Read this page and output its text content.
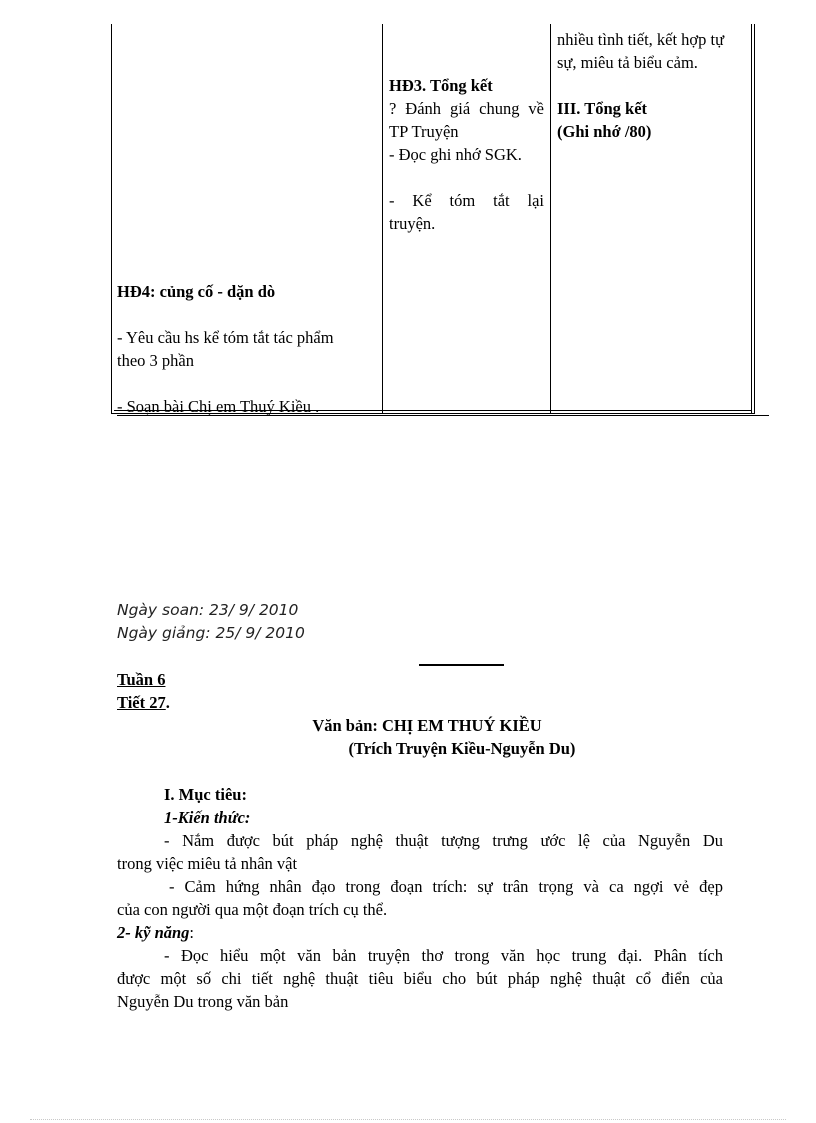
nhiều tình tiết, kết hợp tự
sự, miêu tả biểu cảm.
III. Tổng kết
(Ghi nhớ /80)
HĐ3. Tổng kết
? Đánh giá chung về
TP Truyện
- Đọc ghi nhớ SGK.
- Kể tóm tắt lại
truyện.
HĐ4: củng cố - dặn dò
- Yêu cầu hs kể tóm tắt tác phẩm
theo 3 phần
- Soạn bài Chị em Thuý Kiều .
Ngày soan: 23/ 9/ 2010
Ngày giảng: 25/ 9/ 2010
Tuần 6
Tiết 27.
Văn bản: CHỊ EM THUÝ KIỀU
(Trích Truyện Kiều-Nguyễn Du)
I. Mục tiêu:
1-Kiến thức:
- Nắm được bút pháp nghệ thuật tượng trưng ước lệ của Nguyễn Du
trong việc miêu tả nhân vật
- Cảm hứng nhân đạo trong đoạn trích: sự trân trọng và ca ngợi vẻ đẹp
của con người qua một đoạn trích cụ thể.
2- kỹ năng:
- Đọc hiểu một văn bản truyện thơ trong văn học trung đại. Phân tích
được một số chi tiết nghệ thuật tiêu biểu cho bút pháp nghệ thuật cổ điển của
Nguyễn Du trong văn bản
